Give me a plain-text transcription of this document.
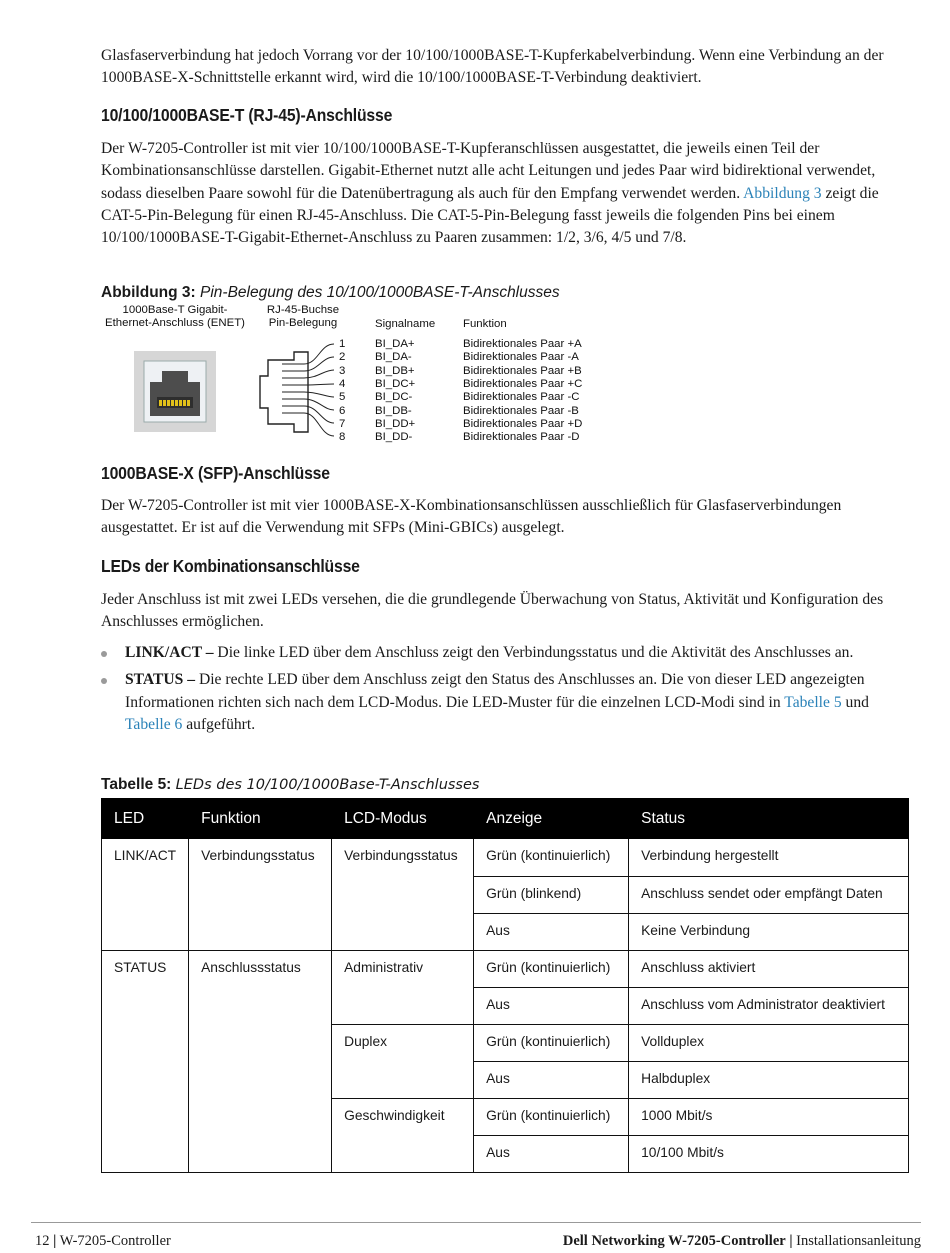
Glasfaserverbindung hat jedoch Vorrang vor der 10/100/1000BASE-T-Kupferkabelverbindung. Wenn eine Verbindung an der 1000BASE-X-Schnittstelle erkannt wird, wird die 10/100/1000BASE-T-Verbindung deaktiviert.

10/100/1000BASE-T (RJ-45)-Anschlüsse

Der W-7205-Controller ist mit vier 10/100/1000BASE-T-Kupferanschlüssen ausgestattet, die jeweils einen Teil der Kombinationsanschlüsse darstellen. Gigabit-Ethernet nutzt alle acht Leitungen und jedes Paar wird bidirektional verwendet, sodass dieselben Paare sowohl für die Datenübertragung als auch für den Empfang verwendet werden. Abbildung 3 zeigt die CAT-5-Pin-Belegung für einen RJ-45-Anschluss. Die CAT-5-Pin-Belegung fasst jeweils die folgenden Pins bei einem 10/100/1000BASE-T-Gigabit-Ethernet-Anschluss zu Paaren zusammen: 1/2, 3/6, 4/5 und 7/8.

Abbildung 3: Pin-Belegung des 10/100/1000BASE-T-Anschlusses
1000Base-T Gigabit-
Ethernet-Anschluss (ENET)
RJ-45-Buchse
Pin-Belegung	Signalname Funktion
1	BI_DA+	Bidirektionales Paar +A
2	BI_DA-	Bidirektionales Paar -A
3	BI_DB+	Bidirektionales Paar +B
4	BI_DC+	Bidirektionales Paar +C
5	BI_DC-	Bidirektionales Paar -C
6	BI_DB-	Bidirektionales Paar -B
7	BI_DD+	Bidirektionales Paar +D
8	BI_DD-	Bidirektionales Paar -D
1000BASE-X (SFP)-Anschlüsse

Der W-7205-Controller ist mit vier 1000BASE-X-Kombinationsanschlüssen ausschließlich für Glasfaserverbindungen ausgestattet. Er ist auf die Verwendung mit SFPs (Mini-GBICs) ausgelegt.

LEDs der Kombinationsanschlüsse

Jeder Anschluss ist mit zwei LEDs versehen, die die grundlegende Überwachung von Status, Aktivität und Konfiguration des Anschlusses ermöglichen.

LINK/ACT – Die linke LED über dem Anschluss zeigt den Verbindungsstatus und die Aktivität des Anschlusses an.
STATUS – Die rechte LED über dem Anschluss zeigt den Status des Anschlusses an. Die von dieser LED angezeigten Informationen richten sich nach dem LCD-Modus. Die LED-Muster für die einzelnen LCD-Modi sind in Tabelle 5 und Tabelle 6 aufgeführt.
Tabelle 5: LEDs des 10/100/1000Base-T-Anschlusses
LED	Funktion	LCD-Modus	Anzeige	Status
LINK/ACT	Verbindungsstatus	Verbindungsstatus	Grün (kontinuierlich)	Verbindung hergestellt
			Grün (blinkend)	Anschluss sendet oder empfängt Daten
			Aus	Keine Verbindung
STATUS	Anschlussstatus	Administrativ	Grün (kontinuierlich)	Anschluss aktiviert
			Aus	Anschluss vom Administrator deaktiviert
		Duplex	Grün (kontinuierlich)	Vollduplex
			Aus	Halbduplex
		Geschwindigkeit	Grün (kontinuierlich)	1000 Mbit/s
			Aus	10/100 Mbit/s
12 | W-7205-Controller	Dell Networking W-7205-Controller | Installationsanleitung
